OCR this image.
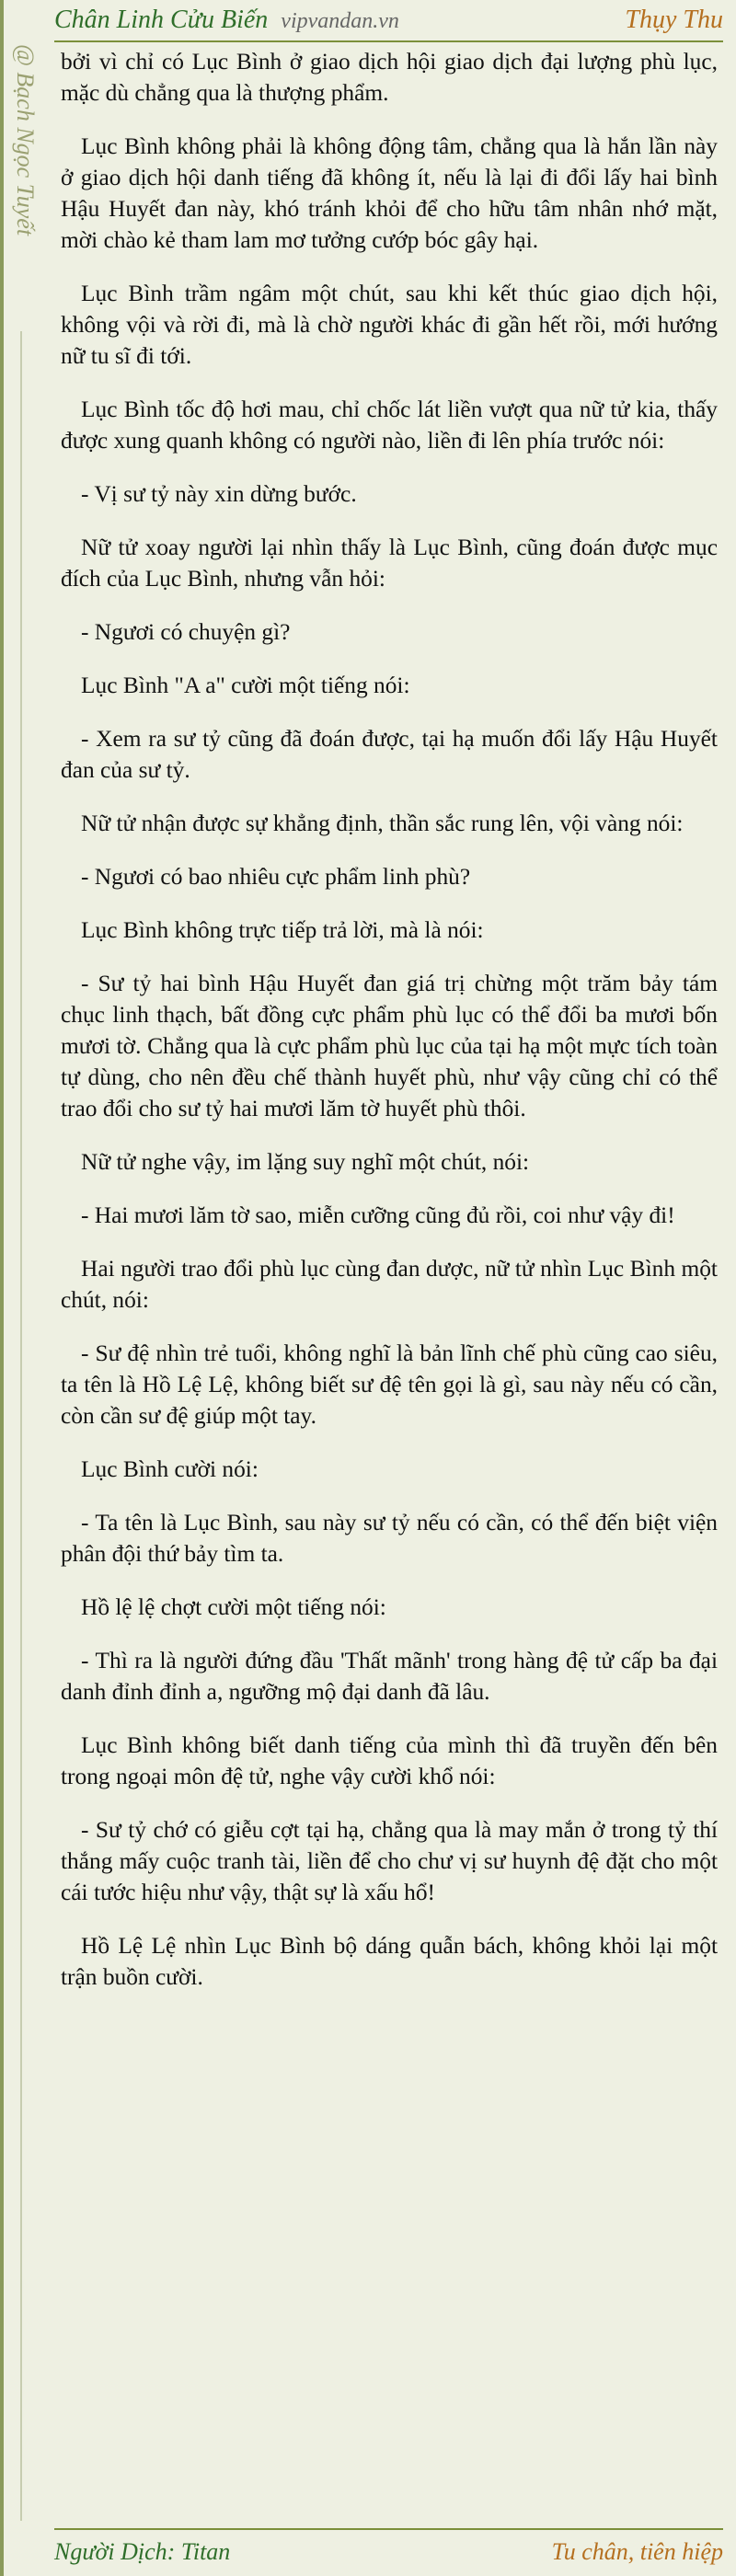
Chân Linh Cửu Biến vipvandan.vn	Thụy Thu
@ Bạch Ngọc Tuyết bởi vì chỉ có Lục Bình ở giao dịch hội giao dịch đại lượng phù lục, mặc dù chẳng qua là thượng phẩm.

Lục Bình không phải là không động tâm, chẳng qua là hắn lần này ở giao dịch hội danh tiếng đã không ít, nếu là lại đi đổi lấy hai bình Hậu Huyết đan này, khó tránh khỏi để cho hữu tâm nhân nhớ mặt, mời chào kẻ tham lam mơ tưởng cướp bóc gây hại.

Lục Bình trầm ngâm một chút, sau khi kết thúc giao dịch hội, không vội và rời đi, mà là chờ người khác đi gần hết rồi, mới hướng nữ tu sĩ đi tới.

Lục Bình tốc độ hơi mau, chỉ chốc lát liền vượt qua nữ tử kia, thấy được xung quanh không có người nào, liền đi lên phía trước nói:

- Vị sư tỷ này xin dừng bước.

Nữ tử xoay người lại nhìn thấy là Lục Bình, cũng đoán được mục đích của Lục Bình, nhưng vẫn hỏi:

- Ngươi có chuyện gì?

Lục Bình "A a" cười một tiếng nói:

- Xem ra sư tỷ cũng đã đoán được, tại hạ muốn đổi lấy Hậu Huyết đan của sư tỷ.

Nữ tử nhận được sự khẳng định, thần sắc rung lên, vội vàng nói:

- Ngươi có bao nhiêu cực phẩm linh phù?

Lục Bình không trực tiếp trả lời, mà là nói:

- Sư tỷ hai bình Hậu Huyết đan giá trị chừng một trăm bảy tám chục linh thạch, bất đồng cực phẩm phù lục có thể đổi ba mươi bốn mươi tờ. Chẳng qua là cực phẩm phù lục của tại hạ một mực tích toàn tự dùng, cho nên đều chế thành huyết phù, như vậy cũng chỉ có thể trao đổi cho sư tỷ hai mươi lăm tờ huyết phù thôi.

Nữ tử nghe vậy, im lặng suy nghĩ một chút, nói:

- Hai mươi lăm tờ sao, miễn cưỡng cũng đủ rồi, coi như vậy đi!

Hai người trao đổi phù lục cùng đan dược, nữ tử nhìn Lục Bình một chút, nói:

- Sư đệ nhìn trẻ tuổi, không nghĩ là bản lĩnh chế phù cũng cao siêu, ta tên là Hồ Lệ Lệ, không biết sư đệ tên gọi là gì, sau này nếu có cần, còn cần sư đệ giúp một tay.

Lục Bình cười nói:

- Ta tên là Lục Bình, sau này sư tỷ nếu có cần, có thể đến biệt viện phân đội thứ bảy tìm ta.

Hồ lệ lệ chợt cười một tiếng nói:

- Thì ra là người đứng đầu 'Thất mãnh' trong hàng đệ tử cấp ba đại danh đỉnh đỉnh a, ngưỡng mộ đại danh đã lâu.

Lục Bình không biết danh tiếng của mình thì đã truyền đến bên trong ngoại môn đệ tử, nghe vậy cười khổ nói:

- Sư tỷ chớ có giễu cợt tại hạ, chẳng qua là may mắn ở trong tỷ thí thắng mấy cuộc tranh tài, liền để cho chư vị sư huynh đệ đặt cho một cái tước hiệu như vậy, thật sự là xấu hổ!

Hồ Lệ Lệ nhìn Lục Bình bộ dáng quẫn bách, không khỏi lại một trận buồn cười.

Người Dịch: Titan	Tu chân, tiên hiệp
